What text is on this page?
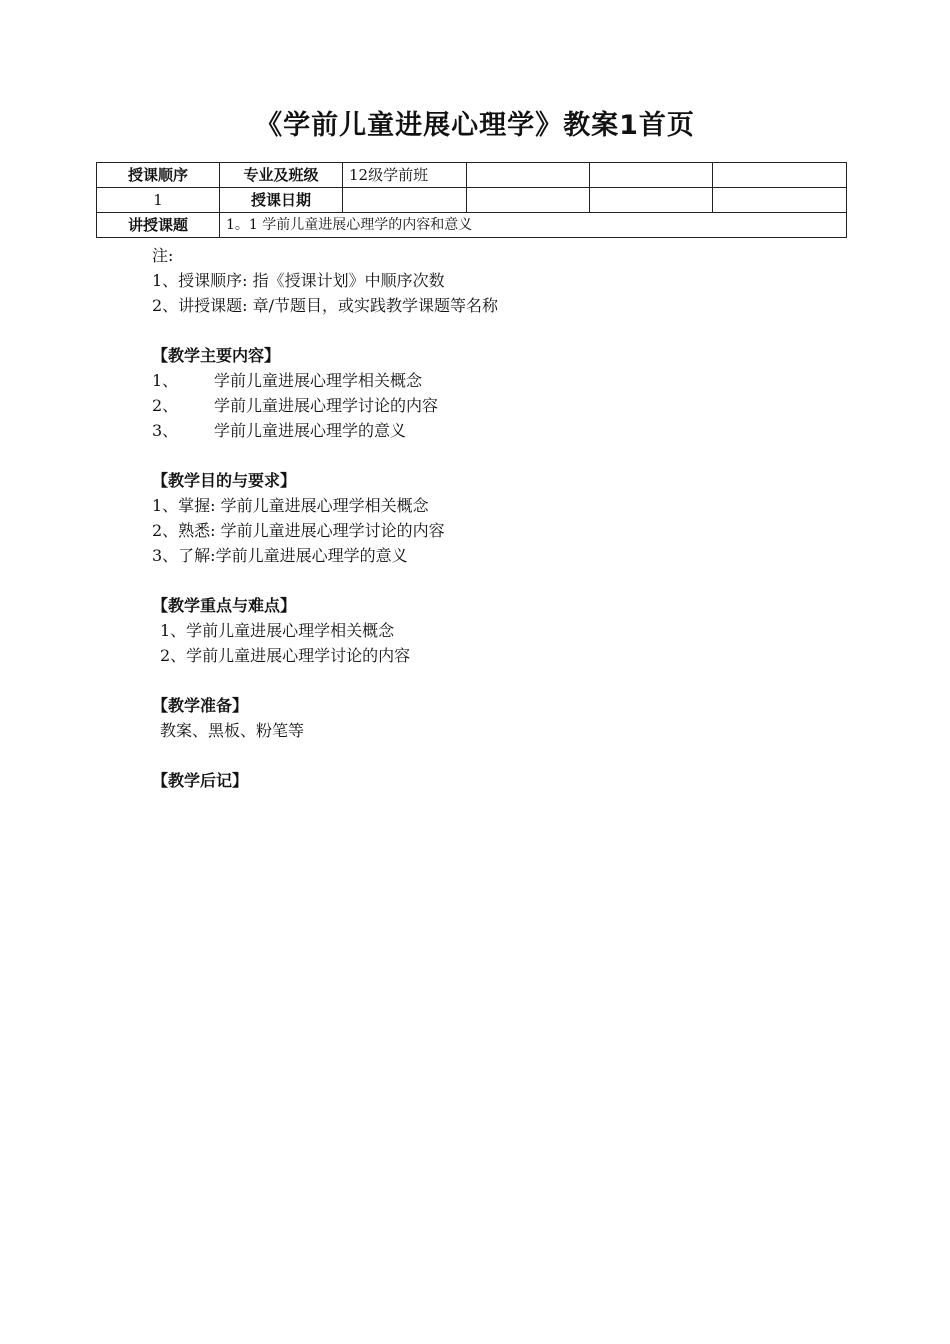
《学前儿童进展心理学》教案1首页
授课顺序	专业及班级	12级学前班			
1	授课日期				
讲授课题	1。1 学前儿童进展心理学的内容和意义				
注:
1、授课顺序: 指《授课计划》中顺序次数
2、讲授课题: 章/节题目，或实践教学课题等名称
【教学主要内容】
1、 学前儿童进展心理学相关概念
2、 学前儿童进展心理学讨论的内容
3、 学前儿童进展心理学的意义
【教学目的与要求】
1、掌握: 学前儿童进展心理学相关概念
2、熟悉: 学前儿童进展心理学讨论的内容
3、了解:学前儿童进展心理学的意义
【教学重点与难点】
1、学前儿童进展心理学相关概念
2、学前儿童进展心理学讨论的内容
【教学准备】
教案、黑板、粉笔等
【教学后记】
